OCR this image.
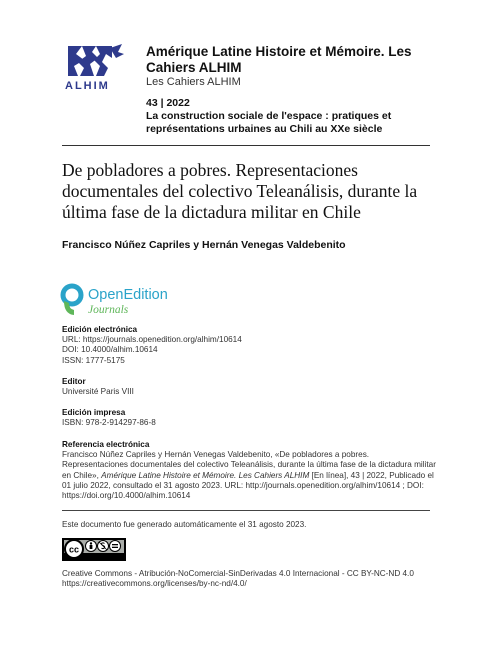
ALHIM
Amérique Latine Histoire et Mémoire. Les Cahiers ALHIM
Les Cahiers ALHIM
43 | 2022
La construction sociale de l'espace : pratiques et représentations urbaines au Chili au XXe siècle
De pobladores a pobres. Representaciones documentales del colectivo Teleanálisis, durante la última fase de la dictadura militar en Chile
Francisco Núñez Capriles y Hernán Venegas Valdebenito
OpenEdition
Journals
Edición electrónica
URL: https://journals.openedition.org/alhim/10614
DOI: 10.4000/alhim.10614
ISSN: 1777-5175
Editor
Université Paris VIII
Edición impresa
ISBN: 978-2-914297-86-8
Referencia electrónica
Francisco Núñez Capriles y Hernán Venegas Valdebenito, «De pobladores a pobres. Representaciones documentales del colectivo Teleanálisis, durante la última fase de la dictadura militar en Chile», Amérique Latine Histoire et Mémoire. Les Cahiers ALHIM [En línea], 43 | 2022, Publicado el 01 julio 2022, consultado el 31 agosto 2023. URL: http://journals.openedition.org/alhim/10614 ; DOI: https://doi.org/10.4000/alhim.10614
Este documento fue generado automáticamente el 31 agosto 2023.
cc
Creative Commons - Atribución-NoComercial-SinDerivadas 4.0 Internacional - CC BY-NC-ND 4.0
https://creativecommons.org/licenses/by-nc-nd/4.0/
